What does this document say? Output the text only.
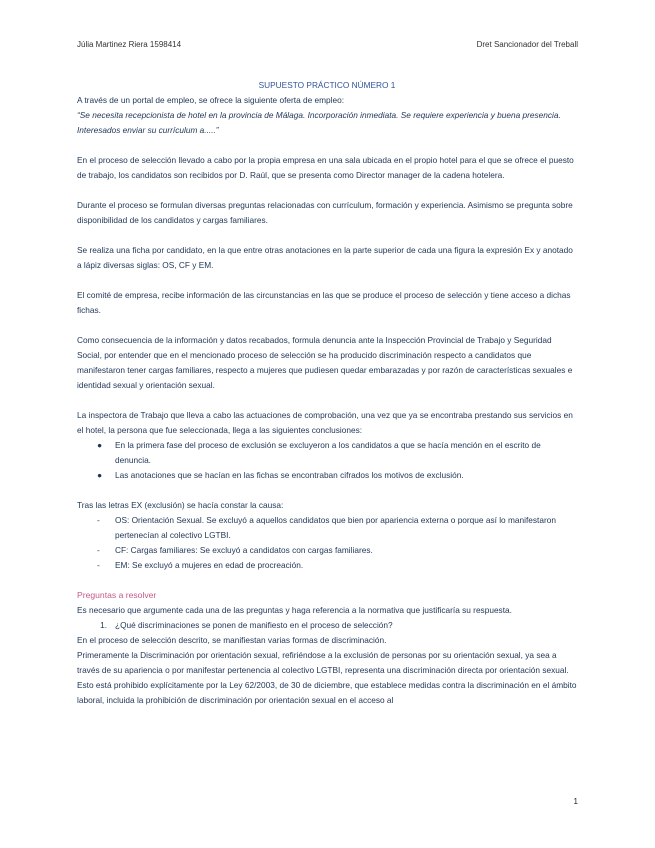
Júlia Martinez Riera 1598414	Dret Sancionador del Treball

SUPUESTO PRÁCTICO NÚMERO 1

A través de un portal de empleo, se ofrece la siguiente oferta de empleo:

“Se necesita recepcionista de hotel en la provincia de Málaga. Incorporación inmediata. Se requiere experiencia y buena presencia. Interesados enviar su currículum a.....”

En el proceso de selección llevado a cabo por la propia empresa en una sala ubicada en el propio hotel para el que se ofrece el puesto de trabajo, los candidatos son recibidos por D. Raúl, que se presenta como Director manager de la cadena hotelera.

Durante el proceso se formulan diversas preguntas relacionadas con currículum, formación y experiencia. Asimismo se pregunta sobre disponibilidad de los candidatos y cargas familiares.

Se realiza una ficha por candidato, en la que entre otras anotaciones en la parte superior de cada una figura la expresión Ex y anotado a lápiz diversas siglas: OS, CF y EM.

El comité de empresa, recibe información de las circunstancias en las que se produce el proceso de selección y tiene acceso a dichas fichas.

Como consecuencia de la información y datos recabados, formula denuncia ante la Inspección Provincial de Trabajo y Seguridad Social, por entender que en el mencionado proceso de selección se ha producido discriminación respecto a candidatos que manifestaron tener cargas familiares, respecto a mujeres que pudiesen quedar embarazadas y por razón de características sexuales e identidad sexual y orientación sexual.

La inspectora de Trabajo que lleva a cabo las actuaciones de comprobación, una vez que ya se encontraba prestando sus servicios en el hotel, la persona que fue seleccionada, llega a las siguientes conclusiones:

● En la primera fase del proceso de exclusión se excluyeron a los candidatos a que se hacía mención en el escrito de denuncia.
● Las anotaciones que se hacían en las fichas se encontraban cifrados los motivos de exclusión.

Tras las letras EX (exclusión) se hacía constar la causa:

- OS: Orientación Sexual. Se excluyó a aquellos candidatos que bien por apariencia externa o porque así lo manifestaron pertenecían al colectivo LGTBI.
- CF: Cargas familiares: Se excluyó a candidatos con cargas familiares.
- EM: Se excluyó a mujeres en edad de procreación.

Preguntas a resolver

Es necesario que argumente cada una de las preguntas y haga referencia a la normativa que justificaría su respuesta.

1. ¿Qué discriminaciones se ponen de manifiesto en el proceso de selección?

En el proceso de selección descrito, se manifiestan varias formas de discriminación.

Primeramente la Discriminación por orientación sexual, refiriéndose a la exclusión de personas por su orientación sexual, ya sea a través de su apariencia o por manifestar pertenencia al colectivo LGTBI, representa una discriminación directa por orientación sexual.

Esto está prohibido explícitamente por la Ley 62/2003, de 30 de diciembre, que establece medidas contra la discriminación en el ámbito laboral, incluida la prohibición de discriminación por orientación sexual en el acceso al

1
